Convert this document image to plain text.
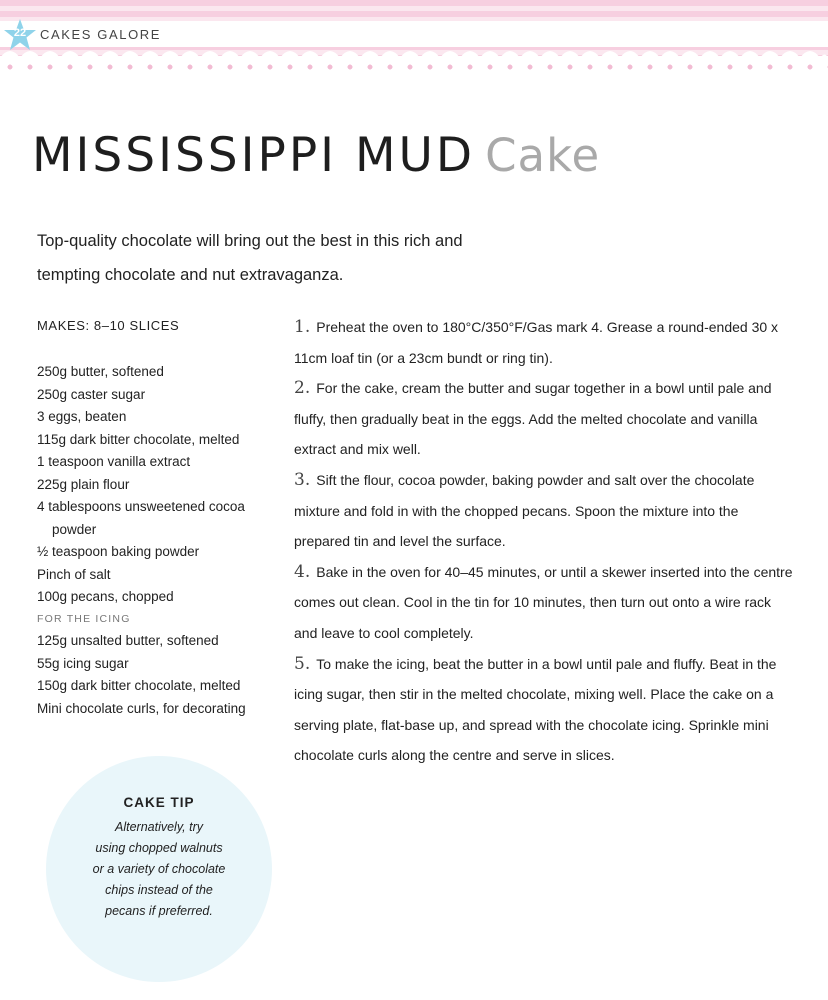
22	CAKES GALORE
MISSISSIPPI MUD Cake
Top-quality chocolate will bring out the best in this rich and
tempting chocolate and nut extravaganza.
MAKES: 8–10 SLICES
250g butter, softened
250g caster sugar
3 eggs, beaten
115g dark bitter chocolate, melted
1 teaspoon vanilla extract
225g plain flour
4 tablespoons unsweetened cocoa powder
½ teaspoon baking powder
Pinch of salt
100g pecans, chopped
FOR THE ICING
125g unsalted butter, softened
55g icing sugar
150g dark bitter chocolate, melted
Mini chocolate curls, for decorating
1. Preheat the oven to 180°C/350°F/Gas mark 4. Grease a round-ended 30 x 11cm loaf tin (or a 23cm bundt or ring tin).
2. For the cake, cream the butter and sugar together in a bowl until pale and fluffy, then gradually beat in the eggs. Add the melted chocolate and vanilla extract and mix well.
3. Sift the flour, cocoa powder, baking powder and salt over the chocolate mixture and fold in with the chopped pecans. Spoon the mixture into the prepared tin and level the surface.
4. Bake in the oven for 40–45 minutes, or until a skewer inserted into the centre comes out clean. Cool in the tin for 10 minutes, then turn out onto a wire rack and leave to cool completely.
5. To make the icing, beat the butter in a bowl until pale and fluffy. Beat in the icing sugar, then stir in the melted chocolate, mixing well. Place the cake on a serving plate, flat-base up, and spread with the chocolate icing. Sprinkle mini chocolate curls along the centre and serve in slices.
CAKE TIP
Alternatively, try
using chopped walnuts
or a variety of chocolate
chips instead of the
pecans if preferred.
